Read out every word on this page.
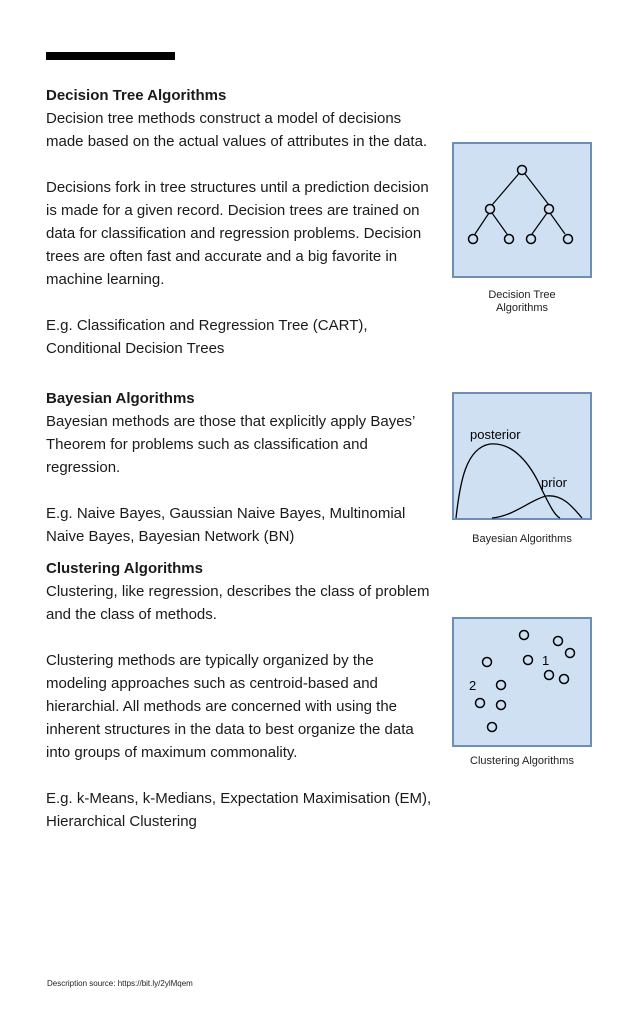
Decision Tree Algorithms

Decision tree methods construct a model of decisions made based on the actual values of attributes in the data.

Decisions fork in tree structures until a prediction decision is made for a given record. Decision trees are trained on data for classification and regression problems. Decision trees are often fast and accurate and a big favorite in machine learning.

E.g. Classification and Regression Tree (CART), Conditional Decision Trees

Decision Tree
Algorithms

Bayesian Algorithms

Bayesian methods are those that explicitly apply Bayes’ Theorem for problems such as classification and regression.

E.g. Naive Bayes, Gaussian Naive Bayes, Multinomial Naive Bayes, Bayesian Network (BN)

posterior
prior
Bayesian Algorithms

Clustering Algorithms

Clustering, like regression, describes the class of problem and the class of methods.

Clustering methods are typically organized by the modeling approaches such as centroid-based and hierarchial. All methods are concerned with using the inherent structures in the data to best organize the data into groups of maximum commonality.

E.g. k-Means, k-Medians, Expectation Maximisation (EM), Hierarchical Clustering

1
2
Clustering Algorithms
Description source: https://bit.ly/2ylMqem
